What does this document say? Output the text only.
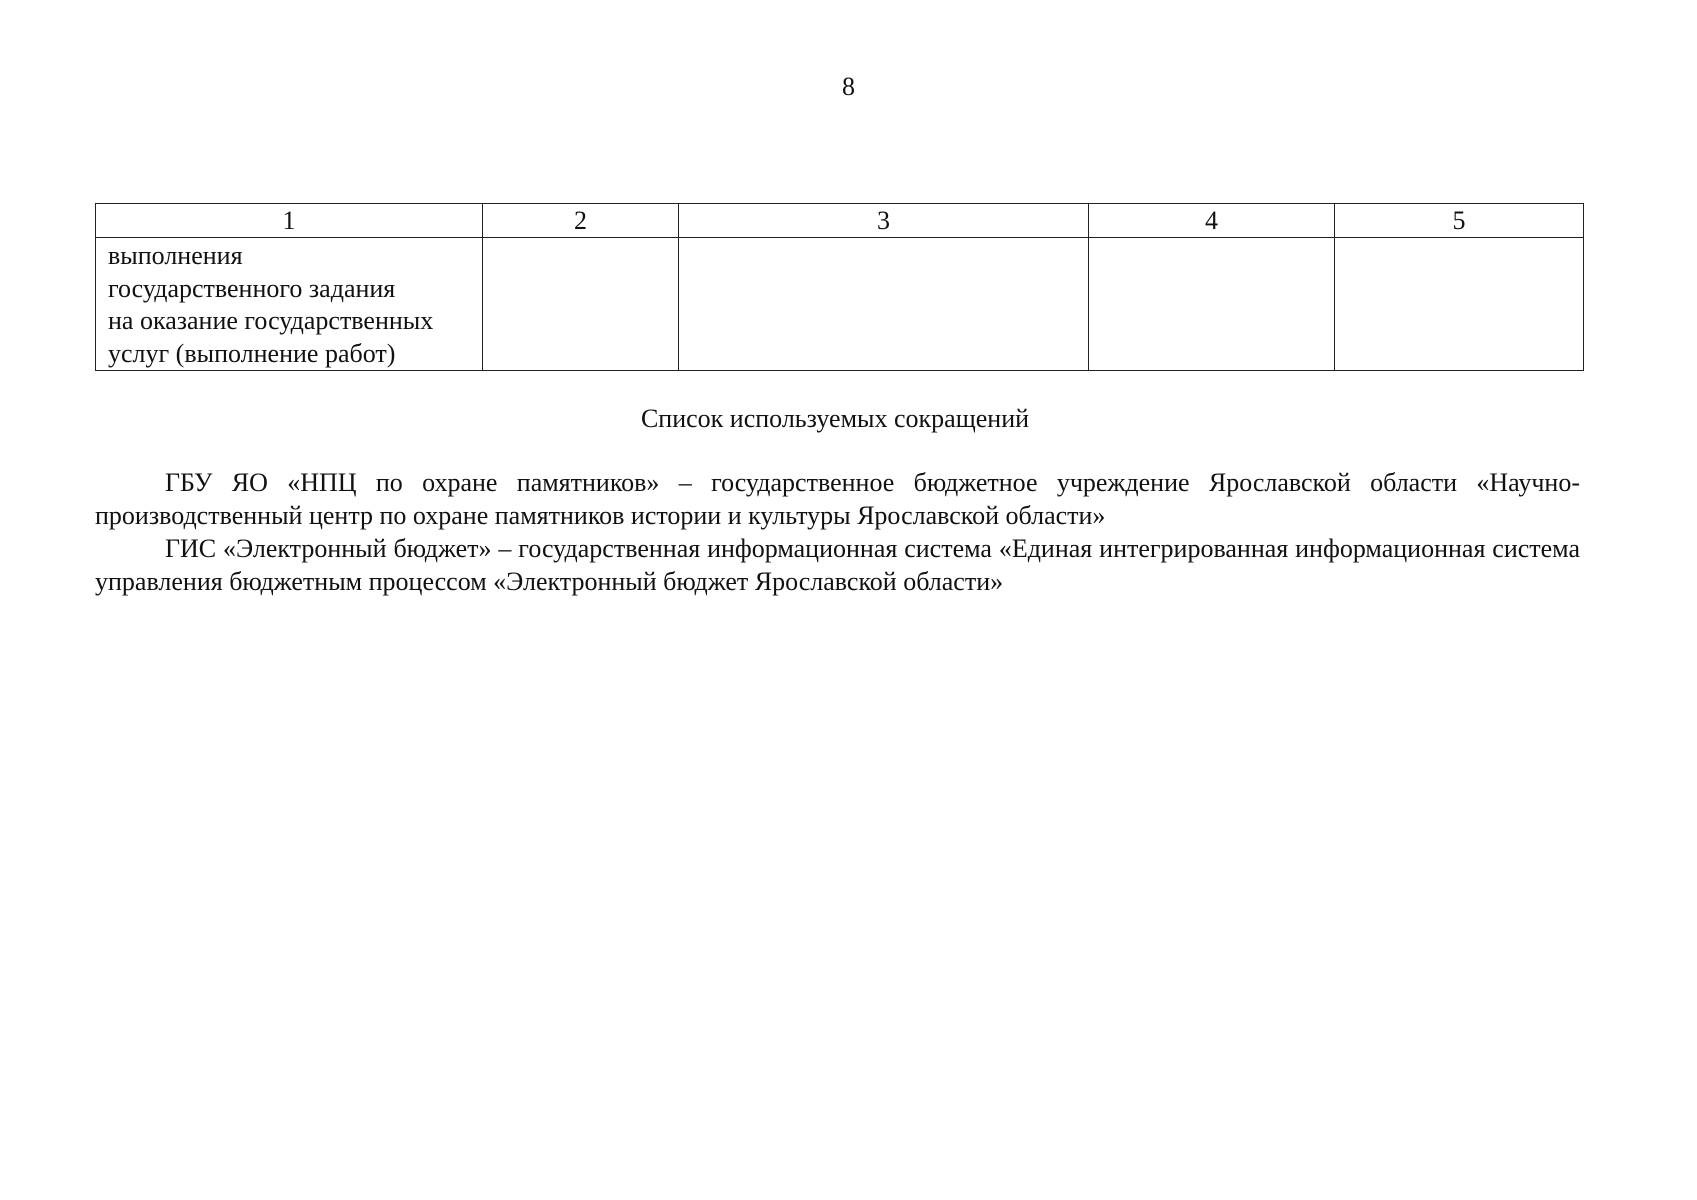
8
1	2	3	4	5

выполнения
государственного задания
на оказание государственных
услуг (выполнение работ)				

Список используемых сокращений

ГБУ ЯО «НПЦ по охране памятников» – государственное бюджетное учреждение Ярославской области «Научно-производственный центр по охране памятников истории и культуры Ярославской области»

ГИС «Электронный бюджет» – государственная информационная система «Единая интегрированная информационная система управления бюджетным процессом «Электронный бюджет Ярославской области»
